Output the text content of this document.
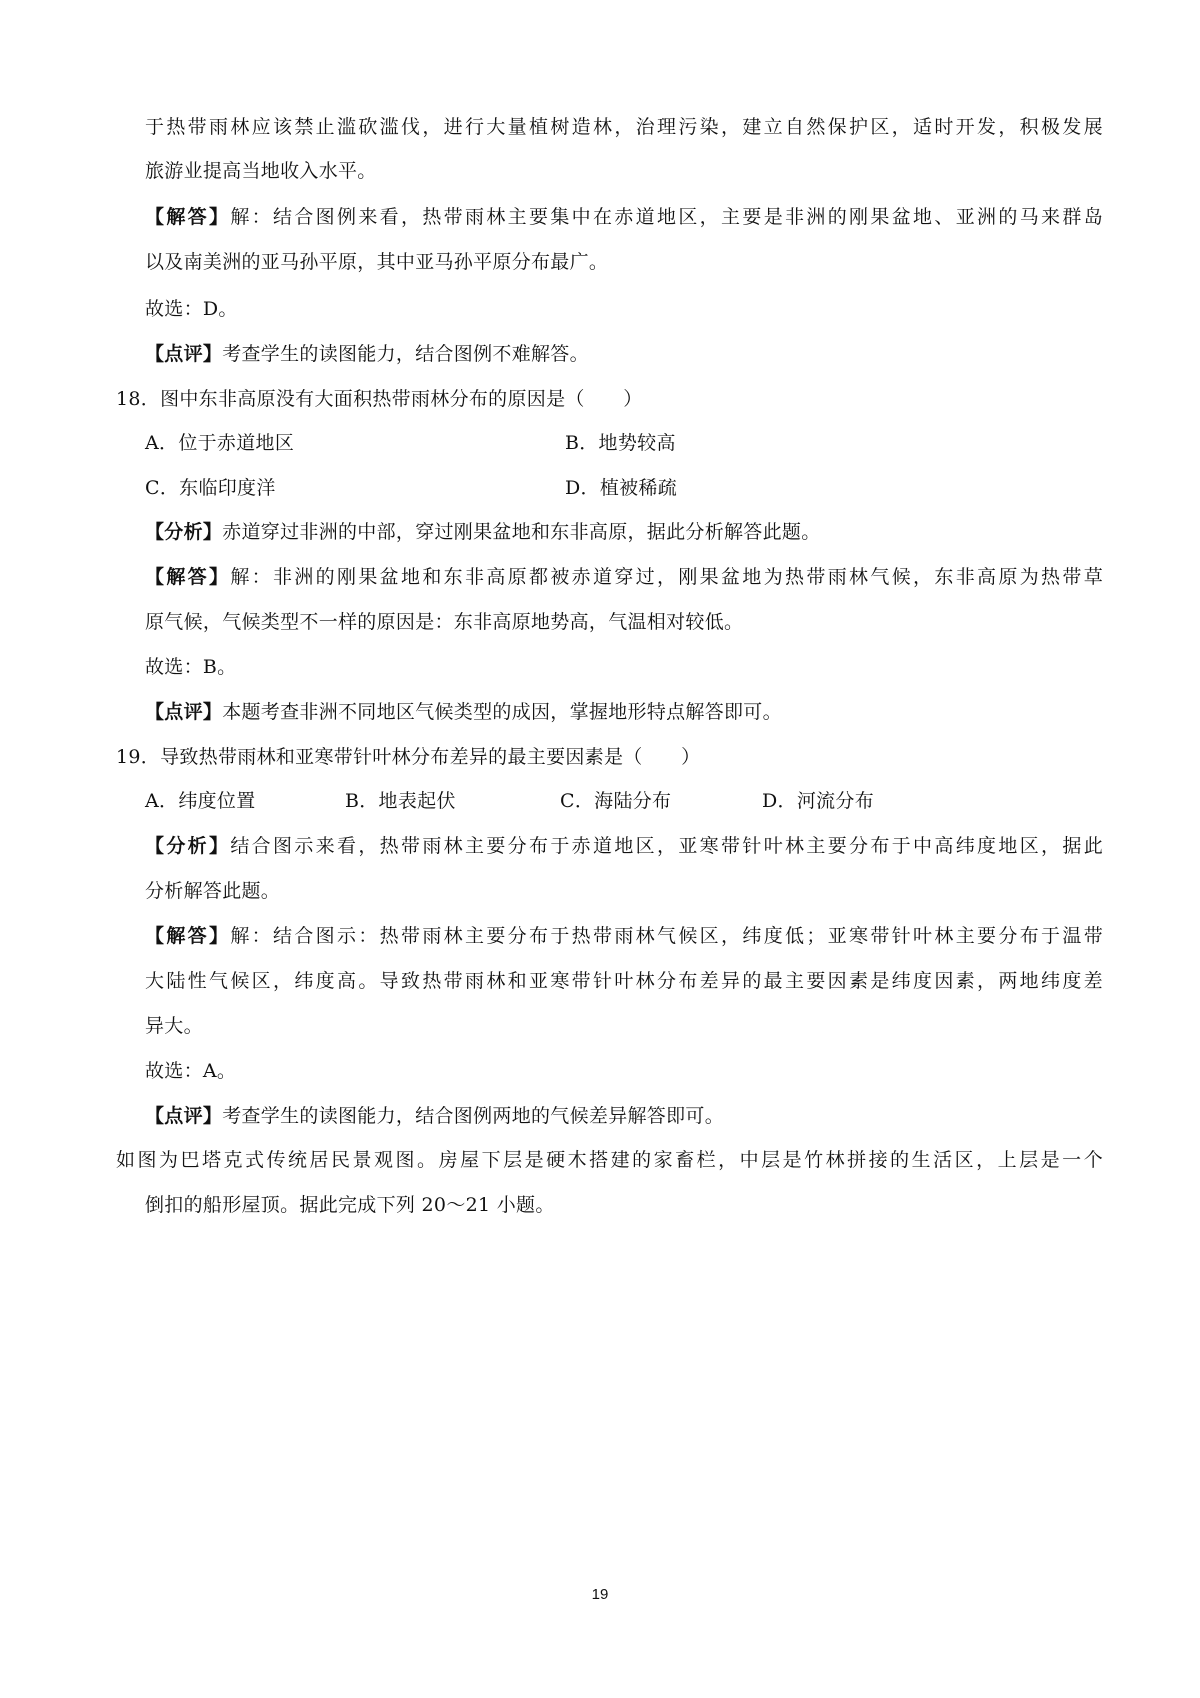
于热带雨林应该禁止滥砍滥伐，进行大量植树造林，治理污染，建立自然保护区，适时开发，积极发展
旅游业提高当地收入水平。
【解答】解：结合图例来看，热带雨林主要集中在赤道地区，主要是非洲的刚果盆地、亚洲的马来群岛
以及南美洲的亚马孙平原，其中亚马孙平原分布最广。
故选：D。
【点评】考查学生的读图能力，结合图例不难解答。
18．图中东非高原没有大面积热带雨林分布的原因是（　　）
A．位于赤道地区	B．地势较高
C．东临印度洋	D．植被稀疏
【分析】赤道穿过非洲的中部，穿过刚果盆地和东非高原，据此分析解答此题。
【解答】解：非洲的刚果盆地和东非高原都被赤道穿过，刚果盆地为热带雨林气候，东非高原为热带草
原气候，气候类型不一样的原因是：东非高原地势高，气温相对较低。
故选：B。
【点评】本题考查非洲不同地区气候类型的成因，掌握地形特点解答即可。
19．导致热带雨林和亚寒带针叶林分布差异的最主要因素是（　　）
A．纬度位置	B．地表起伏	C．海陆分布	D．河流分布
【分析】结合图示来看，热带雨林主要分布于赤道地区，亚寒带针叶林主要分布于中高纬度地区，据此
分析解答此题。
【解答】解：结合图示：热带雨林主要分布于热带雨林气候区，纬度低；亚寒带针叶林主要分布于温带
大陆性气候区，纬度高。导致热带雨林和亚寒带针叶林分布差异的最主要因素是纬度因素，两地纬度差
异大。
故选：A。
【点评】考查学生的读图能力，结合图例两地的气候差异解答即可。
如图为巴塔克式传统居民景观图。房屋下层是硬木搭建的家畜栏，中层是竹林拼接的生活区，上层是一个
倒扣的船形屋顶。据此完成下列 20～21 小题。
19
